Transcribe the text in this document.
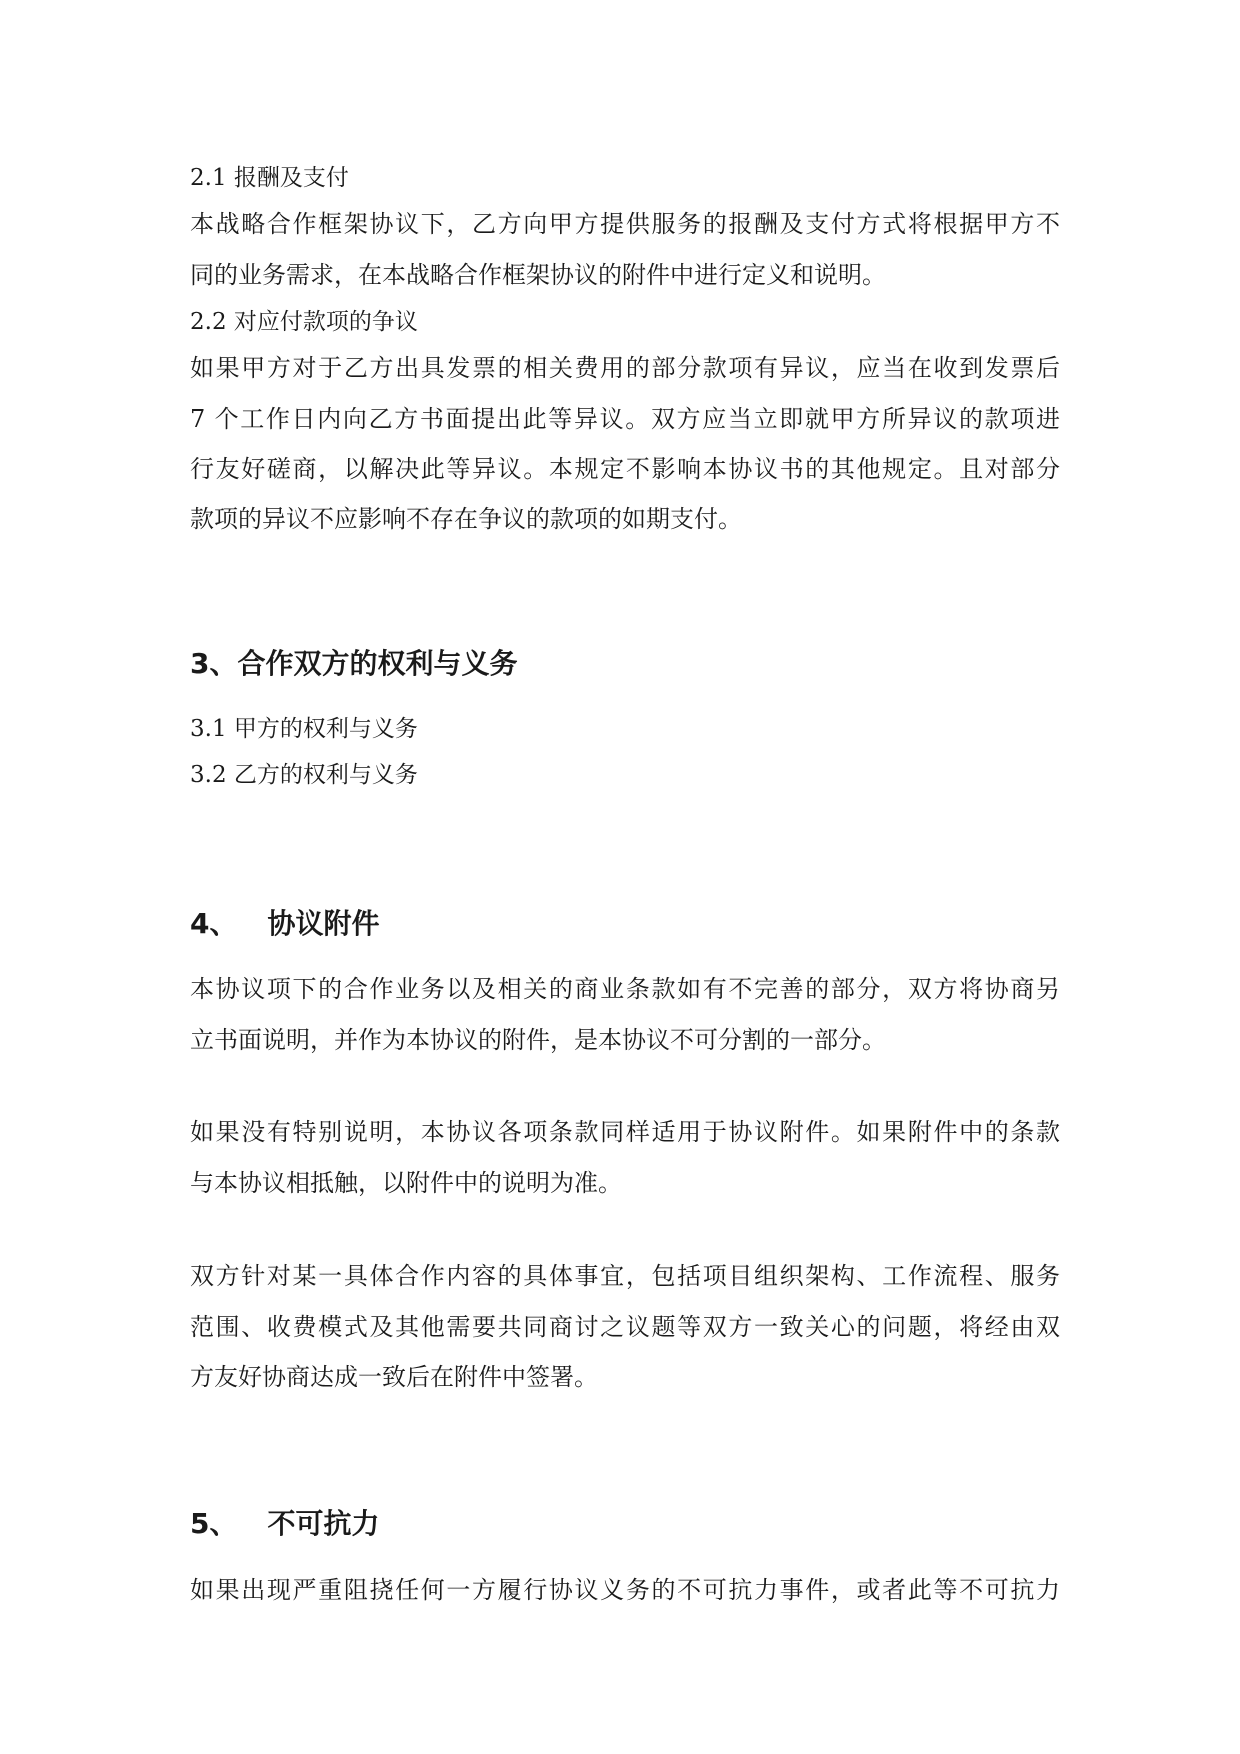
2.1 报酬及支付

本战略合作框架协议下，乙方向甲方提供服务的报酬及支付方式将根据甲方不

同的业务需求，在本战略合作框架协议的附件中进行定义和说明。

2.2 对应付款项的争议

如果甲方对于乙方出具发票的相关费用的部分款项有异议，应当在收到发票后

7 个工作日内向乙方书面提出此等异议。双方应当立即就甲方所异议的款项进

行友好磋商，以解决此等异议。本规定不影响本协议书的其他规定。且对部分

款项的异议不应影响不存在争议的款项的如期支付。

3、合作双方的权利与义务

3.1 甲方的权利与义务

3.2 乙方的权利与义务

4、 协议附件

本协议项下的合作业务以及相关的商业条款如有不完善的部分，双方将协商另

立书面说明，并作为本协议的附件，是本协议不可分割的一部分。

如果没有特别说明，本协议各项条款同样适用于协议附件。如果附件中的条款

与本协议相抵触，以附件中的说明为准。

双方针对某一具体合作内容的具体事宜，包括项目组织架构、工作流程、服务

范围、收费模式及其他需要共同商讨之议题等双方一致关心的问题，将经由双

方友好协商达成一致后在附件中签署。

5、 不可抗力

如果出现严重阻挠任何一方履行协议义务的不可抗力事件，或者此等不可抗力
